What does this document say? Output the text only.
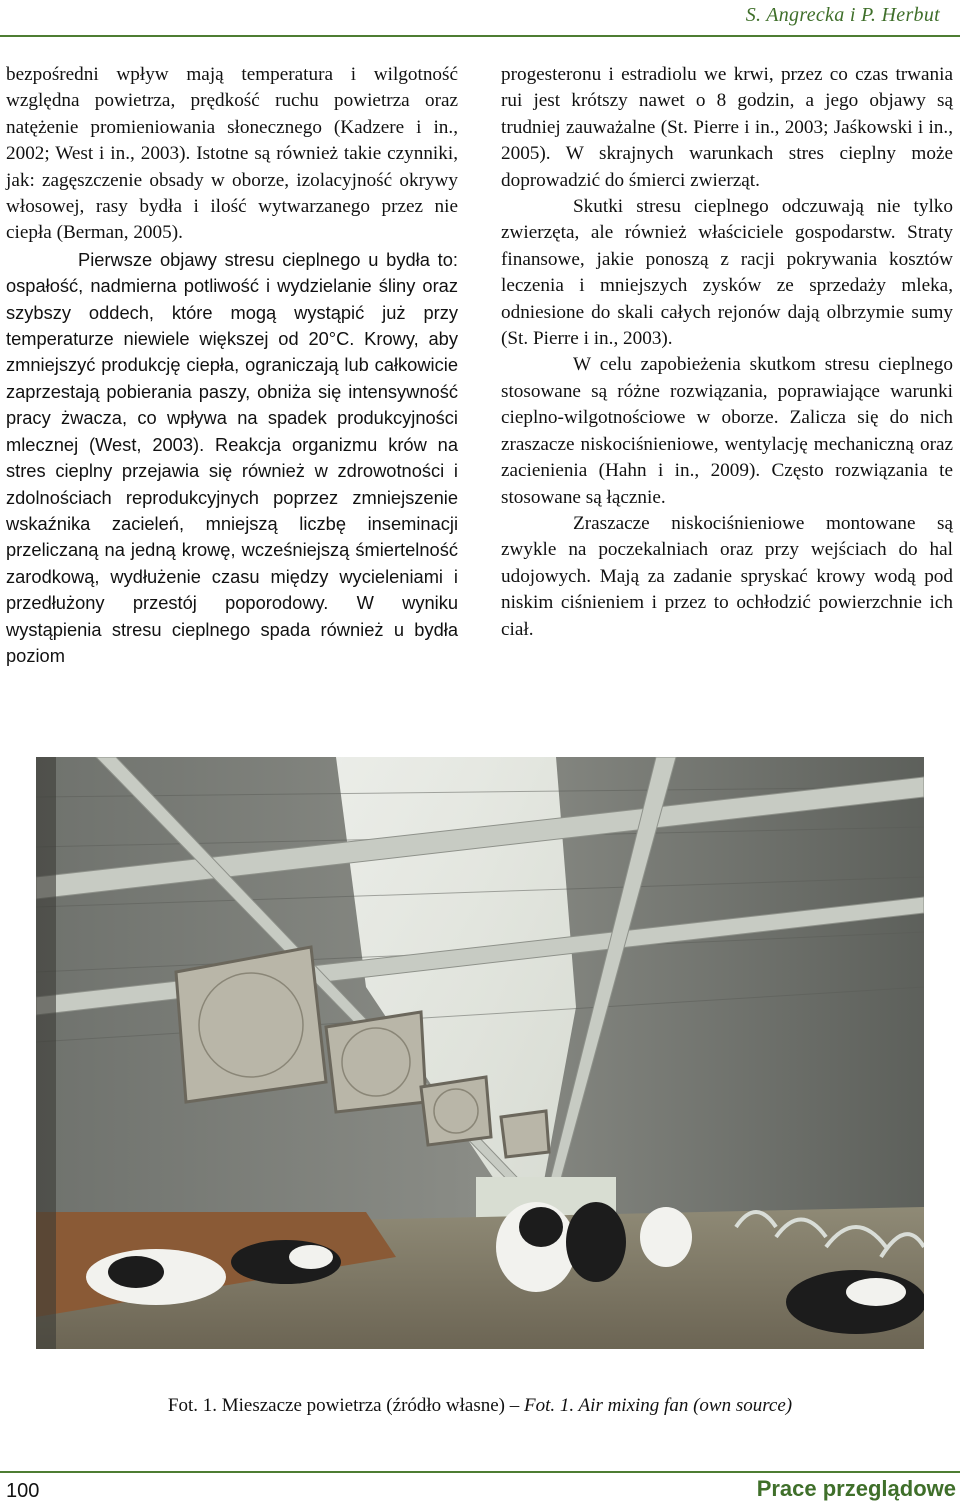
S. Angrecka i P. Herbut

bezpośredni wpływ mają temperatura i wilgotność względna powietrza, prędkość ruchu powietrza oraz natężenie promieniowania słonecznego (Kadzere i in., 2002; West i in., 2003). Istotne są również takie czynniki, jak: zagęszczenie obsady w oborze, izolacyjność okrywy włosowej, rasy bydła i ilość wytwarzanego przez nie ciepła (Berman, 2005).

Pierwsze objawy stresu cieplnego u bydła to: ospałość, nadmierna potliwość i wydzielanie śliny oraz szybszy oddech, które mogą wystąpić już przy temperaturze niewiele większej od 20°C. Krowy, aby zmniejszyć produkcję ciepła, ograniczają lub całkowicie zaprzestają pobierania paszy, obniża się intensywność pracy żwacza, co wpływa na spadek produkcyjności mlecznej (West, 2003). Reakcja organizmu krów na stres cieplny przejawia się również w zdrowotności i zdolnościach reprodukcyjnych poprzez zmniejszenie wskaźnika zacieleń, mniejszą liczbę inseminacji przeliczaną na jedną krowę, wcześniejszą śmiertelność zarodkową, wydłużenie czasu między wycieleniami i przedłużony przestój poporodowy. W wyniku wystąpienia stresu cieplnego spada również u bydła poziom

progesteronu i estradiolu we krwi, przez co czas trwania rui jest krótszy nawet o 8 godzin, a jego objawy są trudniej zauważalne (St. Pierre i in., 2003; Jaśkowski i in., 2005). W skrajnych warunkach stres cieplny może doprowadzić do śmierci zwierząt.

Skutki stresu cieplnego odczuwają nie tylko zwierzęta, ale również właściciele gospodarstw. Straty finansowe, jakie ponoszą z racji pokrywania kosztów leczenia i mniejszych zysków ze sprzedaży mleka, odniesione do skali całych rejonów dają olbrzymie sumy (St. Pierre i in., 2003).

W celu zapobieżenia skutkom stresu cieplnego stosowane są różne rozwiązania, poprawiające warunki cieplno-wilgotnościowe w oborze. Zalicza się do nich zraszacze niskociśnieniowe, wentylację mechaniczną oraz zacienienia (Hahn i in., 2009). Często rozwiązania te stosowane są łącznie.

Zraszacze niskociśnieniowe montowane są zwykle na poczekalniach oraz przy wejściach do hal udojowych. Mają za zadanie spryskać krowy wodą pod niskim ciśnieniem i przez to ochłodzić powierzchnie ich ciał.

Fot. 1. Mieszacze powietrza (źródło własne) – Fot. 1. Air mixing fan (own source)
100	Prace przeglądowe
